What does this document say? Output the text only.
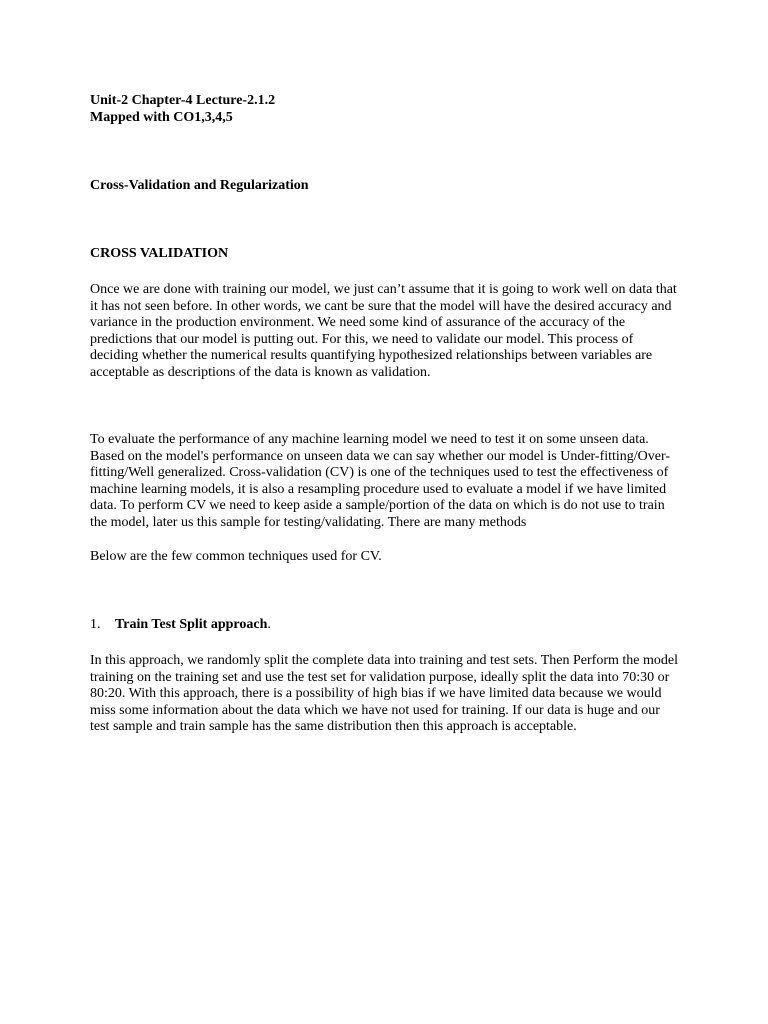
Unit-2 Chapter-4 Lecture-2.1.2
Mapped with CO1,3,4,5
Cross-Validation and Regularization
CROSS VALIDATION

Once we are done with training our model, we just can’t assume that it is going to work well on data that it has not seen before. In other words, we cant be sure that the model will have the desired accuracy and variance in the production environment. We need some kind of assurance of the accuracy of the predictions that our model is putting out. For this, we need to validate our model. This process of deciding whether the numerical results quantifying hypothesized relationships between variables are acceptable as descriptions of the data is known as validation.

To evaluate the performance of any machine learning model we need to test it on some unseen data. Based on the model's performance on unseen data we can say whether our model is Under-fitting/Over-fitting/Well generalized. Cross-validation (CV) is one of the techniques used to test the effectiveness of machine learning models, it is also a resampling procedure used to evaluate a model if we have limited data. To perform CV we need to keep aside a sample/portion of the data on which is do not use to train the model, later us this sample for testing/validating. There are many methods

Below are the few common techniques used for CV.

1. Train Test Split approach.

In this approach, we randomly split the complete data into training and test sets. Then Perform the model training on the training set and use the test set for validation purpose, ideally split the data into 70:30 or 80:20. With this approach, there is a possibility of high bias if we have limited data because we would miss some information about the data which we have not used for training. If our data is huge and our test sample and train sample has the same distribution then this approach is acceptable.
